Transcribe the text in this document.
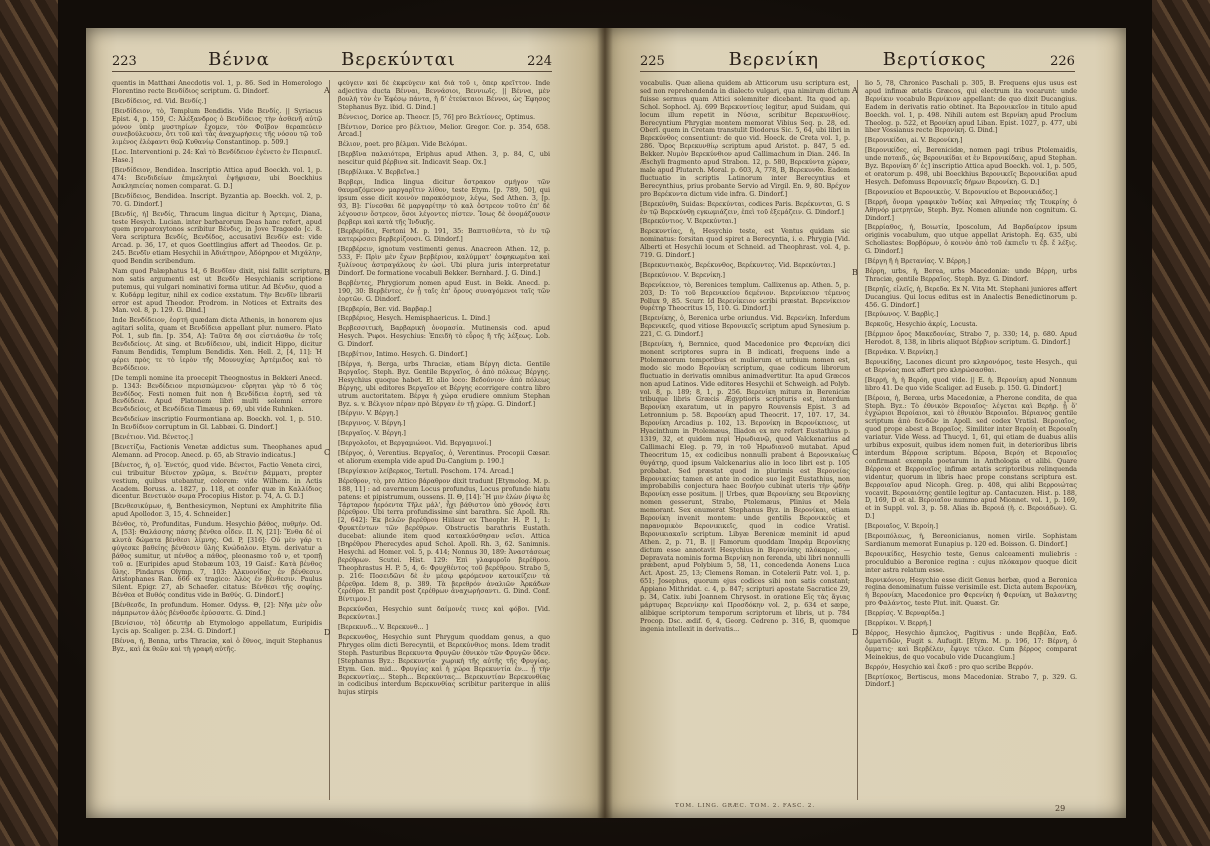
223	Βέννα	Βερεκύνται	224

quentis in Matthæi Anecdotis vol. 1, p. 86. Sed in Homerologo Florentino recte Βενδίδιος scriptum. G. Dindorf.

[Βενδίδειος, rd. Vid. Βενδίς.]

[Βενδίδειον, τὸ, Templum Bendidis. Vide Βενδίς. || Syriacus Epist. 4, p. 159, C: Ἀλέξανδρος ὁ Βενδίδειος τὴν ἀσθενῆ αὐτῷ μόνον ὑπὲρ μυστηρίων ἔχομεν, τὸν Φοῖβον θεραπεύειν συνεβούλευσεν, ὅτι τοῦ καὶ τὰς ἀναχωρήσεις τῆς νόσου τῷ τοῦ λιμένος ἐλέφαντι θεῷ Κυθανίῳ Constantinop. p. 509.]

[Loc. Interventioni p. 24: Καὶ τὸ Βενδίδειον ἐγένετο ἐν Πειραιεῖ. Hase.]

[Βενδίδειον, Bendidea. Inscriptio Attica apud Boeckh. vol. 1, p. 474: Βενδιδείων ἐπιμεληταὶ ἐψήφισαν, ubi Boeckhius Ἀσκληπιείας nomen comparat. G. D.]

[Βενδίδειος, Bendidea. Inscript. Byzantia ap. Boeckh. vol. 2, p. 70. G. Dindorf.]

[Βενδίς, ή] Βενδίς, Thracum lingua dicitur ἡ Ἄρτεμις, Diana, teste Hesych. Lucian. inter barbarorum Deas hanc refert, apud quem proparoxytonos scribitur Βένδις, in Jove Tragœdo [c. 8. Vera scriptura Βενδίς, Βενδίδος, accusativi Βενδίν est: vide Arcad. p. 36, 17, et quos Goettlingius affert ad Theodos. Gr. p. 245. Βενδῖν etiam Hesychii in Ἀδιάτηρον, Ἀδόρηρον et Μιχάλην, quod Bendin scribendum.

Nam quod Palæphatus 14, 6 Βενδῖαν dixit, nisi fallit scriptura, non satis argumenti est ut Βενδῖν Hesychianis scriptione putemus, qui vulgari nominativi forma utitur. Ad Βένδιν, quod a v. Κυδάρμ legitur, nihil ex codice exstatum. Τὴν Βενδῖν librarii error est apud Theodor. Prodrom. in Notices et Extraits des Man. vol. 8, p. 129. G. Dind.]

Inde Βενδίδειον, ἑορτή quædam dicta Athenis, in honorem ejus agitari solita, quam et Βενδίδεια appellant plur. numero. Plato Pol. 1, sub fin. [p. 354, A]: Ταῦτα δὴ σοι εἱστιάσθω ἐν τοῖς Βενδιδείοις. At sing. et Βενδίδειον, ubi, indicit Hippo, dicitur Fanum Bendidis, Templum Bendidis. Xen. Hell. 2, [4, 11]: Ἡ φέρει πρὸς τε τὸ ἱερὸν τῆς Μουνυχίας Ἀρτέμιδος καὶ τὸ Βενδίδειον.

[De templi nomine ita proecepit Theognostus in Bekkeri Anecd. p. 1343: Βενδίδειον περισπώμενον· εὕρηται γὰρ τὸ δ τὸς Βενδίδος. Festi nomen fuit non ἡ Βενδίδεια ἑορτή, sed τὰ Βενδίδεια. Apud Platonem libri multi solemni errore Βενδιδείοις, et Βενδίδεια Timæus p. 69, ubi vide Ruhnken.

Βενδιδείων inscriptio Fourmontiana ap. Boeckh. vol. 1, p. 510. In Βενδίδιον corruptum in Gl. Labbæi. G. Dindorf.]

[Βενέτιον. Vid. Βένετος.]

[Βενετίζω, Factionis Venetæ addictus sum. Theophanes apud Alemann. ad Procop. Anecd. p. 65, ab Stravio indicatus.]

[Βένετος, ἡ, ο]. Ἐνετός, quod vide. Βένετοι, Factio Veneta circi, cui tribuitur Βένετον χρῶμα, s. Βενέτιν βάμματι, propter vestium, quibus utebantur, colorem: vide Wilhem. in Actis Academ. Boruss. a. 1827, p. 118, et confer quæ in Καλλίδιος dicentur. Βενετικὸν σωμα Procopius Histor. p. 74, A. G. D.]

[Βενθεσικύμων, ή, Benthesicymon, Neptuni ex Amphitrite filia apud Apollodor. 3, 15, 4. Schneider.]

Βένθος, τὸ, Profunditas, Fundum. Hesychio βάθος, πυθμήν. Od. A, [53]: Θαλάσσης πάσης βένθεα οἶδεν. II. N, [21]: Ἔνθα δέ οἱ κλυτὰ δώματα βένθεσι λίμνης. Od. P, [316]: Οὐ μὲν γάρ τι φύγεσκε βαθείης βένθεσιν ὕλης Κνώδαλον. Etym. derivatur a βάθος sumitur, ut πένθος a πάθος, pleonasmo τοῦ ν, et τροπῇ τοῦ α. [Euripides apud Stobæum 103, 19 Gaisf.: Κατὰ βένθος ὕλης. Pindarus Olymp. 7, 103: Ἀλκυονίδας ἐν βένθεσιν. Aristophanes Ran. 666 ex tragico: Ἁλὸς ἐν βένθεσιν. Paulus Silent. Epigr. 27, ab Schaefer. citatus: Βένθεσι τῆς σοφίης. Βένθεα et Βυθός conditus vide in Βαθύς. G. Dindorf.]

[Βένθεσδε, In profundum. Homer. Odyss. Θ, [2]: Νῆα μὲν οὖν πάμπρωτον ἁλὸς βένθοσδε ἐρύσσατε. G. Dind.]

[Βενίσιον, τὸ] ὁδευτήρ ab Etymologo appellatum, Euripidis Lycis ap. Scaliger. p. 234. G. Dindorf.]

[Βέννα, ή, Benna, urbs Thraciæ, καὶ ὁ ἔθνος, inquit Stephanus Byz., καὶ ἐκ θεῶν καὶ τὴ γραφή αὐτῆς.

A
B
C
D

φεύγειν καὶ δὲ ἐκφεύγειν καὶ διὰ τοῦ ι, ὅπερ κρεῖττον. Inde adjectiva ducta Βένναι, Βεννάσιοι, Βεννιωῖς. || Βέννα, μὲν βουλὴ τὸν ἐν Ἐφέσῳ πάντα, ἢ δ' ἐτεύκταιοι Βέννοι, ὡς Ἐφησος Stephanus Byz. ibid. G. Dind.]

Βέννειος, Dorice ap. Theocr. [5, 76] pro Βελτίονες, Optimus.

[Βέντιον, Dorice pro βέλτιον, Melior. Gregor. Cor. p. 354, 658. Arcad.]

Βέλιον, poet. pro βέλμαι. Vide Βελόμαι.

[Βερβῖνα παλαιότερα, Eriphus apud Athen. 3, p. 84, C, ubi nescitur quid βέρβινα sit. Indicavit Seap. Ox.]

[Βερβίλικα. V. Βερβεῖνα.]

Βερβερι, Indica lingua dicitur ὄστρακον σμήγον τῶν θαυμαζόμενον μαργαρῖτιν λίθον, teste Etym. [p. 789, 50], qui ipsum esse dicit κοινὸν παρακόσμιον, λέγω, Sed Athen. 3, [p. 93, B]: Γίνεσθαι δὲ μαργαρίτην τὸ καλ ὄστρεον τοῦτο ἐπ' δὲ λέγουσιν ὄστρεον, ὅσοι λέγοντες πίστεν. Ἴσως δὲ ὀνομάζουσιν βερβερι καὶ κατὰ τῆς Ἰνδικῆς.

[Βερβερίδει, Fertoni M. p. 191, 35: Βαπτισθέντα, τὸ ἐν τῷ κατερῴσσει βερβερίζουσι. G. Dindorf.]

[Βερβέρειν, ignotum vestimenti genus. Anacreon Athen. 12, p. 533, F: Πρὶν μὲν ἔχων βερβέριον, καλύμματ' ἐσφηκωμένα καὶ ξυλίνους ἀστραγάλους ἐν ὠσὶ. Ubi plura juris interpretatur Dindorf. De formatione vocabuli Bekker. Bernhard. J. G. Dind.]

Βερβέντες, Phrygiorum nomen apud Eust. in Bekk. Anecd. p. 190, 30: Βερβέντες, ἐν ᾗ ταῖς ἐπ' ὄρους συναγόμενοι ταῖς τῶν ἑορτῶν. G. Dindorf.

[Βερβερία, Ber. vid. Βαρβαρ.]

[Βερβέριος, Hesych. Hemisphaericus. L. Dind.]

Βερβεσσιτικὴ, Βαρβαρικὴ ὀνομασία. Mutinensis cod. apud Hesych. Ῥιφοι. Hesychius: Ἐπειδὴ τὸ εὖρος ἢ τῆς λέξεως. Lob. G. Dindorf.

[Βερβίτιον, Intimo. Hesych. G. Dindorf.]

[Βέργα, ή. Berga, urbs Thraciæ, etiam Βέργη dicta. Gentile Βεργαῖος. Steph. Byz. Gentile Βεργαῖος, ὁ ἀπὸ πόλεως Βέργης. Hesychius quoque habet. Et alio loco: Βεδούνιον· ἀπὸ πόλεως Βέργης, ubi editores Βεργαῖον et Βέργης ecorrigere contra libro utrum auctoritatem. Βέργα ἡ χώρα erudiere omnium Stephan Byz. s. v. Βέλγιον πέραν πρὸ Βέργαν ἐν τῇ χώρᾳ. G. Dindorf.]

[Βέργιν. V. Βέργη.]

[Βεργινος. V. Βέργη.]

[Βεργαῖος. V. Βέργη.]

[Βεργολοῖοι, et Βεργαμιώνοι. Vid. Βεργαμινοί.]

[Βέργος, ὁ, Verentius. Βεργαῖος, ὁ, Verentinus. Procopii Cæsar. et aliorum exempla vide apud Du-Cangium p. 190.]

[Βεργίσκιον λείβερκος, Tertull. Poschom. 174. Arcad.]

Βέρεθρον, τὸ, pro Attico βάραθρον dixit tradunt [Etymolog. M. p. 188, 11] : ad caverneum Locus profundus, Locus profunde hiatu patens: et pipistrumum, oussens. II. Θ, [14]: Ἢ μιν ἑλὼν ῥίψω ἐς Τάρταρον ἠερόεντα Τῆλε μάλ', ἧχι βάθιστον ὑπὸ χθονός ἐστι βέρεθρον. Ubi terra profundissime sint barathra. Sic Apoll. Rh. [2, 642]: Ἐκ βελῶν βερέθρου Hiilaur ex Theophr. H. P. 1, 1: Φρυκτέντων τῶν βερέθρων. Obstructis barathris Eustath. ducebat: aliunde item quod κατακλύσθησαν νεῖσι. Attica [Βηρέθρον Pherecydes apud Schol. Apoll. Rh. 3, 62. Sanimnis. Hesychi. ad Homer. vol. 5, p. 414; Nonnus 30, 189: Ἀναστάσεως βερέθρων. Scutei. Hist. 129: Ἐπὶ γλαφυροῖο βερέθρου. Theophrastus H. P. 5, 4, 6: Φρυχθέντος τοῦ βερέθρου. Strabo 5, p. 216: Ποσειδῶνι δὲ ἐν μέσῳ φερόμενον κατοικίζειν τὰ βέρεθρα. Idem 8, p. 389. Τὰ βερεθρόν ἀναλιῶν Ἀρκάδων ζερέθρα. Et pandit post ζερέθρων ἀναχωρήσαντι. G. Dind. Conf. Βίντιμον.]

Βερεκύνδαι, Hesychio sunt δαίμονές τινες καὶ φόβοι. [Vid. Βερεκύνται.]

[Βερεκυνδ... V. Βερεκυνθ... ]

Βερεκυνθος, Hesychio sunt Phrygum quoddam genus, a quo Phryges olim dicti Berecyntii, et Βερεκύνθιος mons. Idem tradit Steph. Pasturibus Βερεκυντα Φρυγῶν ἐθνικὸν τῶν Φρυγῶν ὕδεν. [Stephanus Byz.: Βερεκυντία· χωρικὴ τῆς αὐτῆς τῆς Φρυγίας. Etym. Gen. mid... Φρυγίας καὶ ἡ χώρα Βερεκυντία ἐν... ᾗ τὴν Βερεκυντίας... Steph... Βερεκύντας... Βερεκυντίαν Βερεκυνθίας in codicibus interdum Βερεκυνθίας scribitur pariterque in aliis hujus stirpis

225	Βερενίκη	Βερτίσκος	226

vocabulis. Quæ aliena quidem ab Atticorum usu scriptura est, sed non reprehendenda in dialecto vulgari, qua nimirum dictum fuisse sermus quam Attici solemniter dicebant. Ita quod ap. Schol. Sophocl. Aj. 699 Βερεκυντίοις legitur, apud Suidam, qui locum illum repetit in Νύσια, scribitur Βερεκυνθίοις. Berecyntium Phrygiæ montem memorat Vibius Seq. p. 28, ed. Oberl. quem in Cretam transtulit Diodorus Sic. 5, 64, ubi libri in Βερεκύνθος consentiunt: de quo vid. Hoeck. de Creta vol. 1, p. 286. Ὄρος Βερεκυνθίῳ scriptum apud Aristot. p. 847, 5 ed. Bekker. Νυμὸν Βερεκύνθιον apud Callimachum in Dian. 246. In Æschyli fragmento apud Strabon. 12, p. 580, Βερεκύντα χώραν, male apud Plutarch. Moral. p. 603, A, 778, B, Βερεκυνθο. Eadem fluctuatio in scriptis Latinorum inter Berecyntius et Berecynthius, prius probante Servio ad Virgil. En. 9, 80. Βρέχυν pro Βερέκυντα dictum vide infra. G. Dindorf.]

[Βερεκύνθη, Suidas: Βερεκύνται, codices Paris. Βερέκυνται, G. S ἐν τῷ Βερεκύνθῃ εγκωμιάζειν, ἐπεὶ τοῦ ἐξεμάζειν. G. Dindorf.]

[Βερεκύντιος. V. Βερεκύνται.]

Βερεκυντίας, ἡ, Hesychio teste, est Ventus quidam sic nominatus: forsitan quod spiret a Berecyntia, i. e. Phrygia [Vid. Alberti et Hesychii locum et Schneid. ad Theophrast. vol. 4, p. 719. G. Dindorf.]

[Βερεκυντιακὸς, Βερέκυνθος, Βερέκυντες. Vid. Βερεκύνται.]

[Βερεκύνιον. V. Βερενίκη.]

Βερενίκειον, τὸ, Berenices templum. Callixenus ap. Athen. 5, p. 203, D: Τὸ τοῦ Βερενικείου δεμένιον. Βερενίκειον τέμενος Pollux 9, 85. Scurr. Id Βερενίκειον scribi præstat. Βερενίκειον θυρέτηρ Theocritus 15, 110. G. Dindorf.]

[Βερενίκης, ὁ, Berenica urbe oriundus. Vid. Βερενίκη. Inferdum Βερενικεῖς, quod vitiose Βερονικεῖς scriptum apud Synesium p. 221, C. G. Dindorf.]

[Βερενίκη, ἡ, Bernnice, quod Macedonice pro Φερενίκη dici monent scriptores supra in B indicati, frequens inde a Ptolemæorum temporibus et mulierum et urbium nomen est, modo sic modo Βερονίκη scriptum, quae codicum librorum fluctuatio in derivatis omnibus animadvertitur. Ita apud Græcos non apud Latinos. Vide editores Hesychii et Schweigh. ad Polyb. vol. 8, p. 189; 8, 1, p. 256. Βερενίκη mitura in Bereniciæ tribuque libris Græcis Ægyptioris scripturis est, interdum Βερονίκη exaratum, ut in papyro Rouvensis Epist. 3 ad Letronnium p. 58. Βερονίκη apud Theocrit. 17, 107. 17, 34. Βερονίκη Arcadius p. 102, 13. Βερονίκη in Βερονίκειοις, ut Hyacinthum in Ptolemæus, Iliadon ex nre refert Eustathius p. 1319, 32, et quidem περὶ Ἠρωδιανῷ, quod Valckenarius ad Callimachi Eleg. p. 79, in τοῦ Ἠρωδιανοῦ mutabat. Apud Theocritum 15, ex codicibus nonnulli prabent ἁ Βερονικαίως θυγάτηρ, quod ipsum Valckenarius alio in loco libri est p. 105 probabat. Sed præstat quod in plurimis est Βερονείας Βερονικείας tamen et ante in codice suo legit Eustathius, non improbabilis conjectura haec Βουήου cubinat uteris τὴν ᾠδὴν Βερονίκη esse positum. || Urbes, quæ Βερονίκης seu Βερονίκης nomen gesserunt, Strabo, Ptolemæus, Plinius et Mela memorant. Sex enumerat Stephanus Byz. in Βερονίκαι, etiam Βερονίκη invenit montem: unde gentilis Βερονικεὺς et παρανομικὸν Βερονικικεῖς, quod in codice Vratisl. Βερονικιακαῖν scriptum. Libyæ Berenicæ meminit id apud Athen. 2, p. 71, B. || Famorum quoddam Ἰπαράμ Βερονίκης dictum esse annotavit Hesychius in Βερονίκης πλόκαμος. — Depravata nominis forma Βερνίκη non ferenda, ubi libri nonnulli præbent, apud Polybium 5, 58, 11, concedenda Aonens Luca Act. Apost. 25, 13; Clemens Roman. in Cotelerii Patr. vol. 1, p. 651; Josephus, quorum ejus codices sibi non satis constant; Appiano Mithridat. c. 4, p. 847; scripturi apostate Sacratice 29, p. 34, Catix. iubi Joannem Chrysost. in oratione Εἰς τὰς ἅγιας μάρτυρας Βερενίκην καὶ Προσδόκην vol. 2, p. 634 et sæpe, alibique scriptorum temporum scriptorum et libris, ut p. 784 Procop. Dsc. ædif. 6, 4, Georg. Cedreno p. 316, B, quomque ingenia intellexit in derivatis...

TOM. LING. GRÆC. TOM. 2. FASC. 2.
A
B
C
D

lio 5, 78, Chronico Paschali p. 305, B. Frequens ejus usus est apud infimæ ætatis Græcos, qui electrum ita vocarunt: unde Βερνίκιν vocabulo Βερνίκιον appellant: de quo dixit Ducangius. Eadem in derivatis ratio obtinet. Ita Βερονικεῖον in titulo apud Boeckh. vol. 1, p. 498. Nihili autem est Βερνίκη apud Proclum Theolog. p. 522, et Βρονίκη apud Liban. Epist. 1027, p. 477, ubi liber Vossianus recte Βερονίκη. G. Dind.]

[Βερονικίδαι, ai. V. Βερονίκη.]

[Βερονικίδες, αἱ, Berenicidæ, nomen pagi tribus Ptolemaidis, unde ποταιδ., ὡς Βερονικίδαι et ἐν Βερονικίδαις, apud Stephan. Byz. Βερονίκη δ' ἐς] inscriptio Attica apud Boeckh. vol. 1, p. 505, et oratorum p. 498, ubi Boeckhius Βερονικεῖς Βερονικίδαι apud Hesych. Defomuss Βερονικεῖς δήμων Βερονίκη. G. D.]

[Βερονικίου et Βερονικεὺς. V. Βερονικίου et Βερονικιάδες.]

[Βερρή, ὄνομα γραφικὸν Ἰνδίας καὶ Ἀθηναίας τῆς Τευκρίης ὁ Ἀθηνόρ μετρητῶν, Steph. Byz. Nomen aliunde non cognitum. G. Dindorf.]

[Βερρίαθος, ἡ, Βοιωτία, Iposcolum, Ad Βαρδαίρεον ipsum originis vocabulum, quo utque appellat Aristoph. Eq. 635, ubi Scholiastes: Βορβόρων, ὁ κοινὸν ἀπὸ τοῦ ἐκπιεῖν τι ἔβ. ἔ λέξις. G. Dindorf.]

[Βέργη ἢ ἡ Βρετανίας. V. Βέρρη.]

Βέρρη, urbs, ἡ, Berea, urbs Macedoniæ: unde Βέρρη, urbs Thraciæ, gentile Βερραῖος. Steph. Byz. G. Dindorf.

[Βερηῖς, εἰλεῖς, ἡ, Βερεδα. Ex Ν. Vita Mt. Stephani juniores affert Ducangius. Qui locus editus est in Analectis Benedictinorum p. 456. G. Dindorf.]

[Βερύωνος. V. Βαρβὶς.]

Βερκοῦς, Hesychio ἀκρίς, Locusta.

[Βέρμιον ὄρος Μακεδονίας, Strabo 7, p. 330; 14, p. 680. Apud Herodot. 8, 138, in libris aliquot Βέρβιον scriptum. G. Dindorf.]

[Βερνάκα. V. Βερνίκη.]

Βερνικίδης, Lacones dicunt pro κληρονόμος, teste Hesych., qui et Βερνίας mox affert pro κληρώσασθαι.

[Βερρή, ἡ, ἡ Βερόη, quod vide. || Ε. ἡ. Βερονίκη apud Nonnum libro 41. De quo vide Scaliger. ad Euseb. p. 150. G. Dindorf.]

[Βέροια, ἡ, Berœa, urbs Macedoniæ, a Pherone condita, de qua Steph. Byz.: Τὸ ἐθνικὸν Βεροιαῖος· λέγεται καὶ Βερὴρ. ᾗ ὅ' ἐγχώριοι Βεροίαιοι, καὶ τὸ ἐθνικὸν Βεροιαῖοι. Βέριανος gentile scriptum ἀπὸ δενδῶν in Apoll. sed codex Vratisl. Βεροιαῖος, quod prope abest a Βερραῖος. Similiter inter Βεροίη et Βεροιαῖη variatur. Vide Wess. ad Thucyd. 1, 61, qui etiam de duabus aliis urbibus exposuit, quibus idem nomen fuit, in deterioribus libris interdum Βέρροια scriptum. Βέροια, Βερόη et Βεροιαῖος confirmant exempla poetarum in Anthologia et alibi. Quare Βέρροια et Βερροιαῖος infimæ ætatis scriptoribus relinquenda videntur, quorum in libris haec prope constans scriptura est. Βερροιαῖον apud Nicoph. Greg. p. 408, qui alibi Βερροιώτας vocavit. Βεροιαιότης gentile legitur ap. Cantacuzen. Hist. p. 188, D, 169, D et al. Βεροιαῖον nummo apud Mionnet. vol. 1, p. 169, et in Suppl. vol. 3, p. 58. Alias ib. Βεροιά (ἡ. c. Βεροιάδων). G. D.]

[Βεροιαῖος, V. Βεροίη.]

[Βεροιπόλεως, ἡ, Bereonicianus, nomen virile. Sophistam Sardianum memorat Eunapius p. 120 ed. Boisson. G. Dindorf.]

Βερονικίδες, Hesychio teste, Genus calceamenti muliebris : proculdubio a Beronice regina : cujus πλόκαμον quoque dicit inter astra relatum esse.

Βερνικόνιον, Hesychio esse dicit Genus herbæ, quod a Beronica regina denominatum fuisse verisimile est. Dicta autem Βερονίκη, ἡ Βερονίκη, Macedonice pro Φερενίκη ἡ Φερνίκη, ut Βαλαντης pro Φαλάντος, teste Plut. init. Quæst. Gr.

[Βερρίσς. V. Βερναρίδα.]

[Βερρίκοι. V. Βερρή.]

Βέρρος, Hesychio ἄμπελος, Pagitivus : unde Βερβέλα, Εαδ. ὄμματιδῶν, Fugit s. Aufugit. [Etym. M. p. 196, 17: Βέρνη, ὁ ὄμματις· καὶ Βερβέλεν, ἔφυγε τέλεσ. Cum βέρρος comparat Meinekius, de quo vocabulo vide Ducangium.]

Βερρόν, Hesychio καὶ ἔκσδ : pro quo scribe Βερρόν.

[Βερτίσκος, Bertiscus, mons Macedoniæ. Strabo 7, p. 329. G. Dindorf.]

29
